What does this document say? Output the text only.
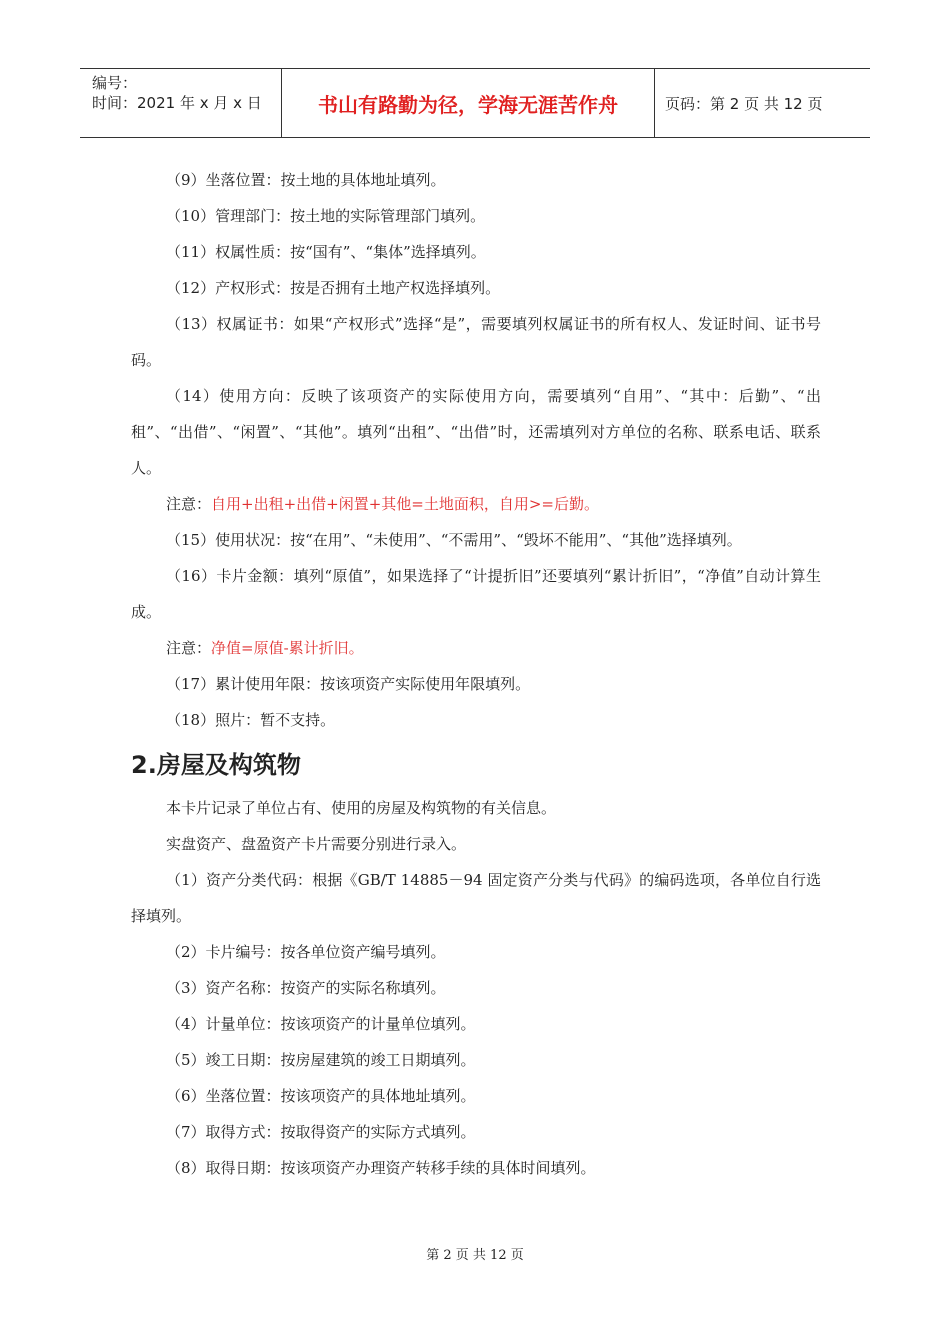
编号：
时间：2021 年 x 月 x 日	书山有路勤为径，学海无涯苦作舟	页码：第 2 页 共 12 页

（9）坐落位置：按土地的具体地址填列。

（10）管理部门：按土地的实际管理部门填列。

（11）权属性质：按“国有”、“集体”选择填列。

（12）产权形式：按是否拥有土地产权选择填列。

（13）权属证书：如果“产权形式”选择“是”，需要填列权属证书的所有权人、发证时间、证书号码。

（14）使用方向：反映了该项资产的实际使用方向，需要填列“自用”、“其中：后勤”、“出租”、“出借”、“闲置”、“其他”。填列“出租”、“出借”时，还需填列对方单位的名称、联系电话、联系人。

注意：自用+出租+出借+闲置+其他=土地面积，自用>=后勤。

（15）使用状况：按“在用”、“未使用”、“不需用”、“毁坏不能用”、“其他”选择填列。

（16）卡片金额：填列“原值”，如果选择了“计提折旧”还要填列“累计折旧”，“净值”自动计算生成。

注意：净值=原值-累计折旧。

（17）累计使用年限：按该项资产实际使用年限填列。

（18）照片：暂不支持。

2.房屋及构筑物

本卡片记录了单位占有、使用的房屋及构筑物的有关信息。

实盘资产、盘盈资产卡片需要分别进行录入。

（1）资产分类代码：根据《GB/T 14885－94 固定资产分类与代码》的编码选项，各单位自行选择填列。

（2）卡片编号：按各单位资产编号填列。

（3）资产名称：按资产的实际名称填列。

（4）计量单位：按该项资产的计量单位填列。

（5）竣工日期：按房屋建筑的竣工日期填列。

（6）坐落位置：按该项资产的具体地址填列。

（7）取得方式：按取得资产的实际方式填列。

（8）取得日期：按该项资产办理资产转移手续的具体时间填列。

第 2 页 共 12 页
